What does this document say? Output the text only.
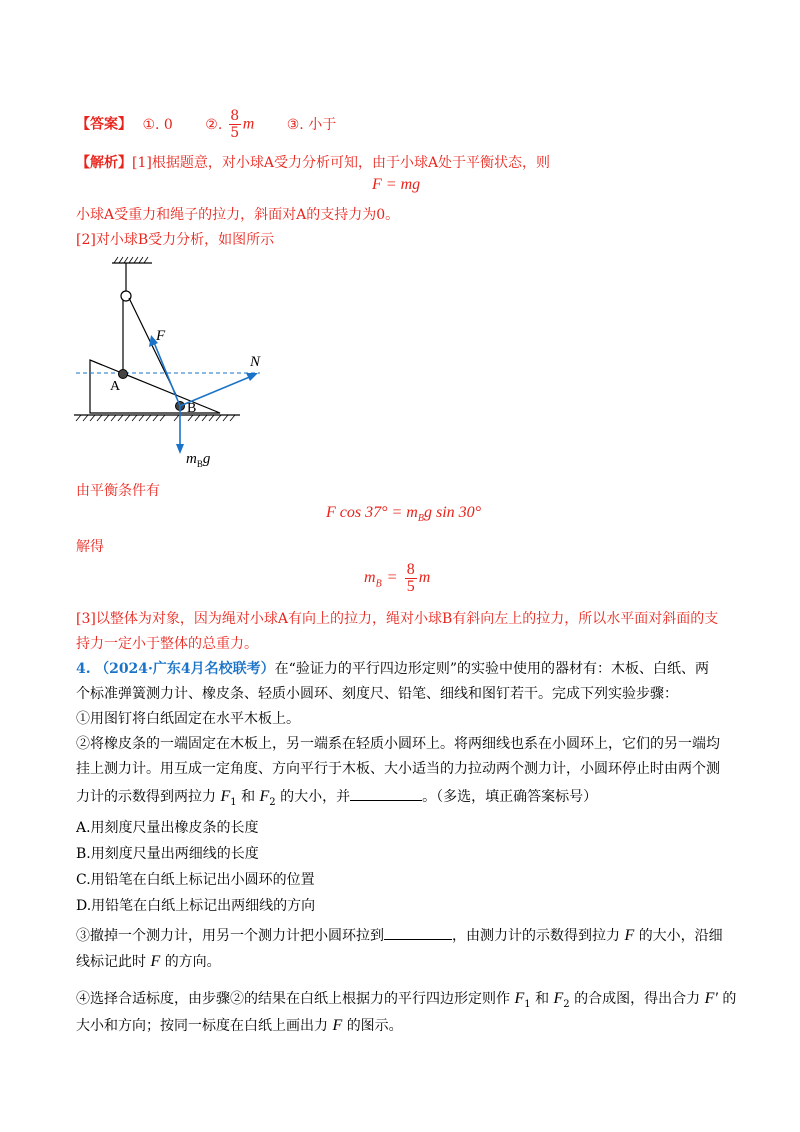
【答案】 ①. 0 ②. $\frac{8}{5}$ m ③. 小于
【解析】[1]根据题意，对小球A受力分析可知，由于小球A处于平衡状态，则
F = mg
小球A受重力和绳子的拉力，斜面对A的支持力为0。
[2]对小球B受力分析，如图所示
F
N
A
B
$m_Bg$
由平衡条件有
F $\cos 37^\circ = m_Bg$ sin 30°
解得
$m_B = \frac{8}{5}$ m
[3]以整体为对象，因为绳对小球A有向上的拉力，绳对小球B有斜向左上的拉力，所以水平面对斜面的支
持力一定小于整体的总重力。
4. （2024·广东4月名校联考）在“验证力的平行四边形定则”的实验中使用的器材有：木板、白纸、两
个标准弹簧测力计、橡皮条、轻质小圆环、刻度尺、铅笔、细线和图钉若干。完成下列实验步骤：
①用图钉将白纸固定在水平木板上。
②将橡皮条的一端固定在木板上，另一端系在轻质小圆环上。将两细线也系在小圆环上，它们的另一端均
挂上测力计。用互成一定角度、方向平行于木板、大小适当的力拉动两个测力计，小圆环停止时由两个测
力计的示数得到两拉力 $F_1$ 和 $F_2$ 的大小，并	。（多选，填正确答案标号）
A.用刻度尺量出橡皮条的长度
B.用刻度尺量出两细线的长度
C.用铅笔在白纸上标记出小圆环的位置
D.用铅笔在白纸上标记出两细线的方向
③撤掉一个测力计，用另一个测力计把小圆环拉到	，由测力计的示数得到拉力 F 的大小，沿细
线标记此时 F 的方向。
④选择合适标度，由步骤②的结果在白纸上根据力的平行四边形定则作 $F_1$ 和 $F_2$ 的合成图，得出合力 F′ 的
大小和方向；按同一标度在白纸上画出力 F 的图示。
